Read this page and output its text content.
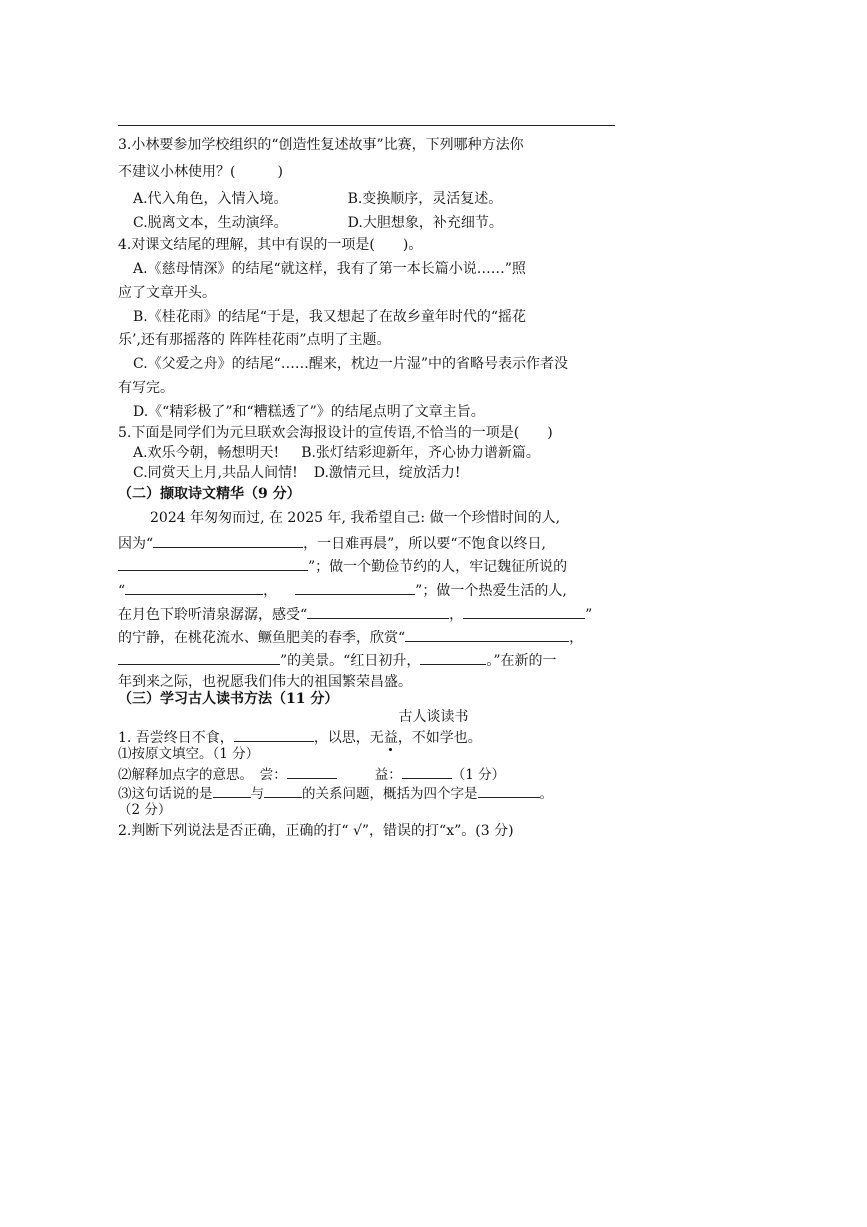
3.小林要参加学校组织的“创造性复述故事”比赛，下列哪种方法你
不建议小林使用？(　　　)
A.代入角色，入情入境。	B.变换顺序，灵活复述。
C.脱离文本，生动演绎。	D.大胆想象，补充细节。
4.对课文结尾的理解，其中有误的一项是(　　)。
A.《慈母情深》的结尾“就这样，我有了第一本长篇小说……”照
应了文章开头。
B.《桂花雨》的结尾“于是，我又想起了在故乡童年时代的“摇花
乐’,还有那摇落的 阵阵桂花雨”点明了主题。
C.《父爱之舟》的结尾“……醒来，枕边一片湿”中的省略号表示作者没
有写完。
D.《“精彩极了”和“糟糕透了”》的结尾点明了文章主旨。
5.下面是同学们为元旦联欢会海报设计的宣传语,不恰当的一项是(　　)
A.欢乐今朝，畅想明天! B.张灯结彩迎新年，齐心协力谱新篇。
C.同赏天上月,共品人间情! D.激情元旦，绽放活力!
（二）撷取诗文精华（9 分）
2024 年匆匆而过, 在 2025 年, 我希望自己: 做一个珍惜时间的人,
因为“	，一日难再晨”，所以要“不饱食以终日,
”；做一个勤俭节约的人，牢记魏征所说的
“	，	”；做一个热爱生活的人,
在月色下聆听清泉潺潺，感受“	，	”
的宁静，在桃花流水、鳜鱼肥美的春季，欣赏“	，
”的美景。“红日初升，	。”在新的一
年到来之际，也祝愿我们伟大的祖国繁荣昌盛。
（三）学习古人读书方法（11 分）
古人谈读书
1. 吾尝终日不食，	，以思，无益，不如学也。
⑴按原文填空。（1 分）
⑵解释加点字的意思。　尝：	益：	（1 分）
⑶这句话说的是	与	的关系问题，概括为四个字是	。
（2 分）
2.判断下列说法是否正确，正确的打“ √”，错误的打“x”。(3 分)
